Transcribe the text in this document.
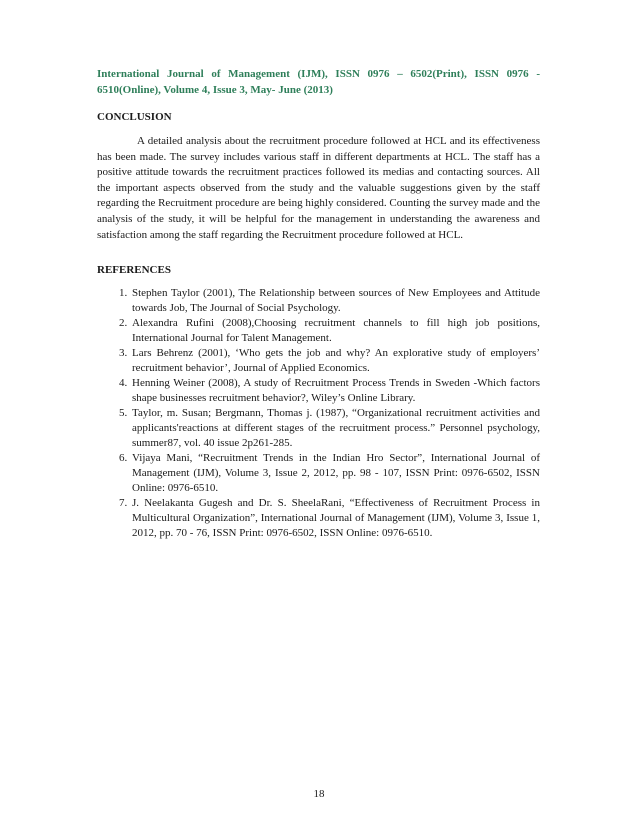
International Journal of Management (IJM), ISSN 0976 – 6502(Print), ISSN 0976 - 6510(Online), Volume 4, Issue 3, May- June (2013)

CONCLUSION

A detailed analysis about the recruitment procedure followed at HCL and its effectiveness has been made. The survey includes various staff in different departments at HCL. The staff has a positive attitude towards the recruitment practices followed its medias and contacting sources. All the important aspects observed from the study and the valuable suggestions given by the staff regarding the Recruitment procedure are being highly considered. Counting the survey made and the analysis of the study, it will be helpful for the management in understanding the awareness and satisfaction among the staff regarding the Recruitment procedure followed at HCL.

REFERENCES
1. Stephen Taylor (2001), The Relationship between sources of New Employees and Attitude towards Job, The Journal of Social Psychology.
2. Alexandra Rufini (2008),Choosing recruitment channels to fill high job positions, International Journal for Talent Management.
3. Lars Behrenz (2001), ‘Who gets the job and why? An explorative study of employers’ recruitment behavior’, Journal of Applied Economics.
4. Henning Weiner (2008), A study of Recruitment Process Trends in Sweden -Which factors shape businesses recruitment behavior?, Wiley’s Online Library.
5. Taylor, m. Susan; Bergmann, Thomas j. (1987), “Organizational recruitment activities and applicants'reactions at different stages of the recruitment process.” Personnel psychology, summer87, vol. 40 issue 2p261-285.
6. Vijaya Mani, “Recruitment Trends in the Indian Hro Sector”, International Journal of Management (IJM), Volume 3, Issue 2, 2012, pp. 98 - 107, ISSN Print: 0976-6502, ISSN Online: 0976-6510.
7. J. Neelakanta Gugesh and Dr. S. SheelaRani, “Effectiveness of Recruitment Process in Multicultural Organization”, International Journal of Management (IJM), Volume 3, Issue 1, 2012, pp. 70 - 76, ISSN Print: 0976-6502, ISSN Online: 0976-6510.
18
